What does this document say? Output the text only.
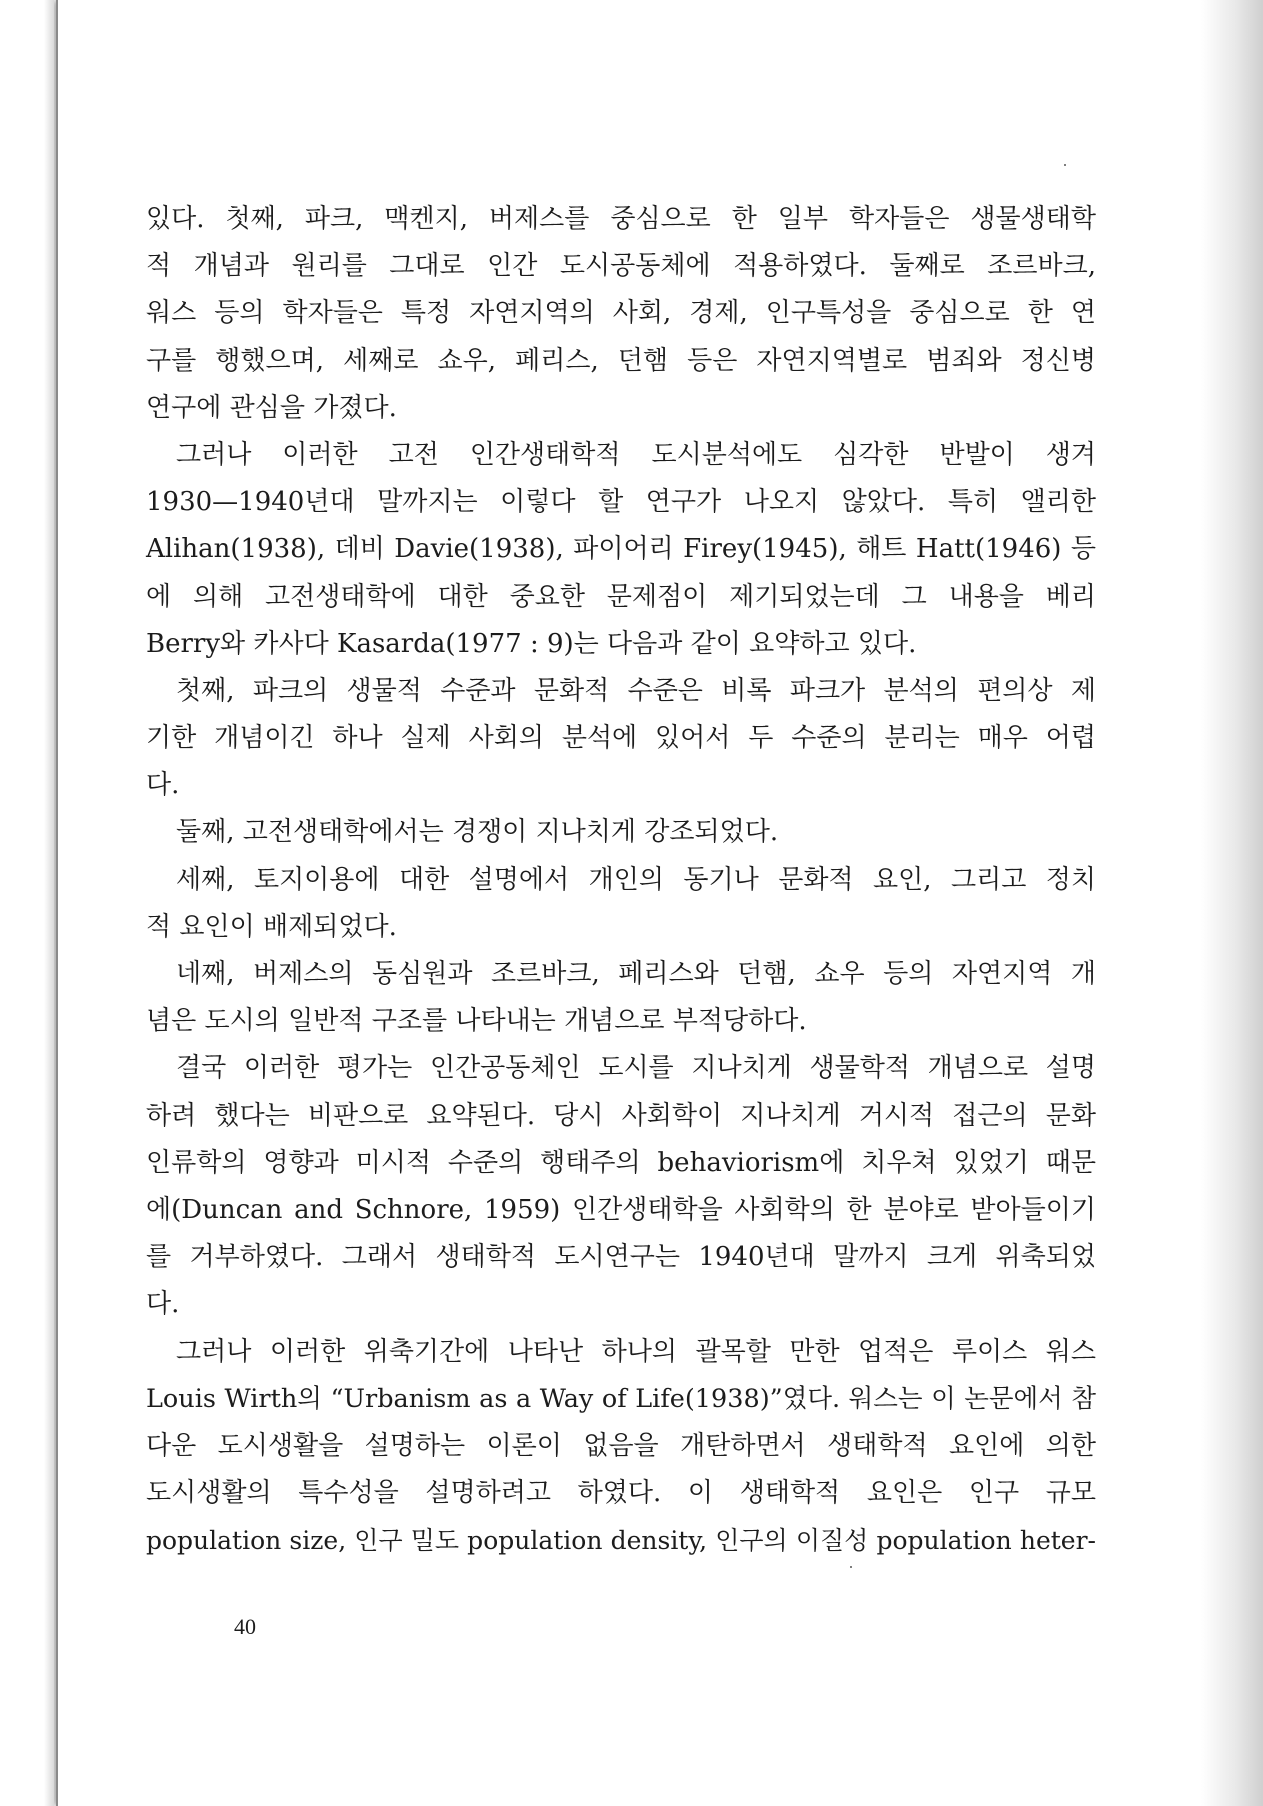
있다. 첫째, 파크, 맥켄지, 버제스를 중심으로 한 일부 학자들은 생물생태학
적 개념과 원리를 그대로 인간 도시공동체에 적용하였다. 둘째로 조르바크,
워스 등의 학자들은 특정 자연지역의 사회, 경제, 인구특성을 중심으로 한 연
구를 행했으며, 세째로 쇼우, 페리스, 던햄 등은 자연지역별로 범죄와 정신병
연구에 관심을 가졌다.
그러나 이러한 고전 인간생태학적 도시분석에도 심각한 반발이 생겨
1930—1940년대 말까지는 이렇다 할 연구가 나오지 않았다. 특히 앨리한
Alihan(1938), 데비 Davie(1938), 파이어리 Firey(1945), 해트 Hatt(1946) 등
에 의해 고전생태학에 대한 중요한 문제점이 제기되었는데 그 내용을 베리
Berry와 카사다 Kasarda(1977 : 9)는 다음과 같이 요약하고 있다.
첫째, 파크의 생물적 수준과 문화적 수준은 비록 파크가 분석의 편의상 제
기한 개념이긴 하나 실제 사회의 분석에 있어서 두 수준의 분리는 매우 어렵
다.
둘째, 고전생태학에서는 경쟁이 지나치게 강조되었다.
세째, 토지이용에 대한 설명에서 개인의 동기나 문화적 요인, 그리고 정치
적 요인이 배제되었다.
네째, 버제스의 동심원과 조르바크, 페리스와 던햄, 쇼우 등의 자연지역 개
념은 도시의 일반적 구조를 나타내는 개념으로 부적당하다.
결국 이러한 평가는 인간공동체인 도시를 지나치게 생물학적 개념으로 설명
하려 했다는 비판으로 요약된다. 당시 사회학이 지나치게 거시적 접근의 문화
인류학의 영향과 미시적 수준의 행태주의 behaviorism에 치우쳐 있었기 때문
에(Duncan and Schnore, 1959) 인간생태학을 사회학의 한 분야로 받아들이기
를 거부하였다. 그래서 생태학적 도시연구는 1940년대 말까지 크게 위축되었
다.
그러나 이러한 위축기간에 나타난 하나의 괄목할 만한 업적은 루이스 워스
Louis Wirth의 “Urbanism as a Way of Life(1938)”였다. 워스는 이 논문에서 참
다운 도시생활을 설명하는 이론이 없음을 개탄하면서 생태학적 요인에 의한
도시생활의 특수성을 설명하려고 하였다. 이 생태학적 요인은 인구 규모
population size, 인구 밀도 population density, 인구의 이질성 population heter-
40
